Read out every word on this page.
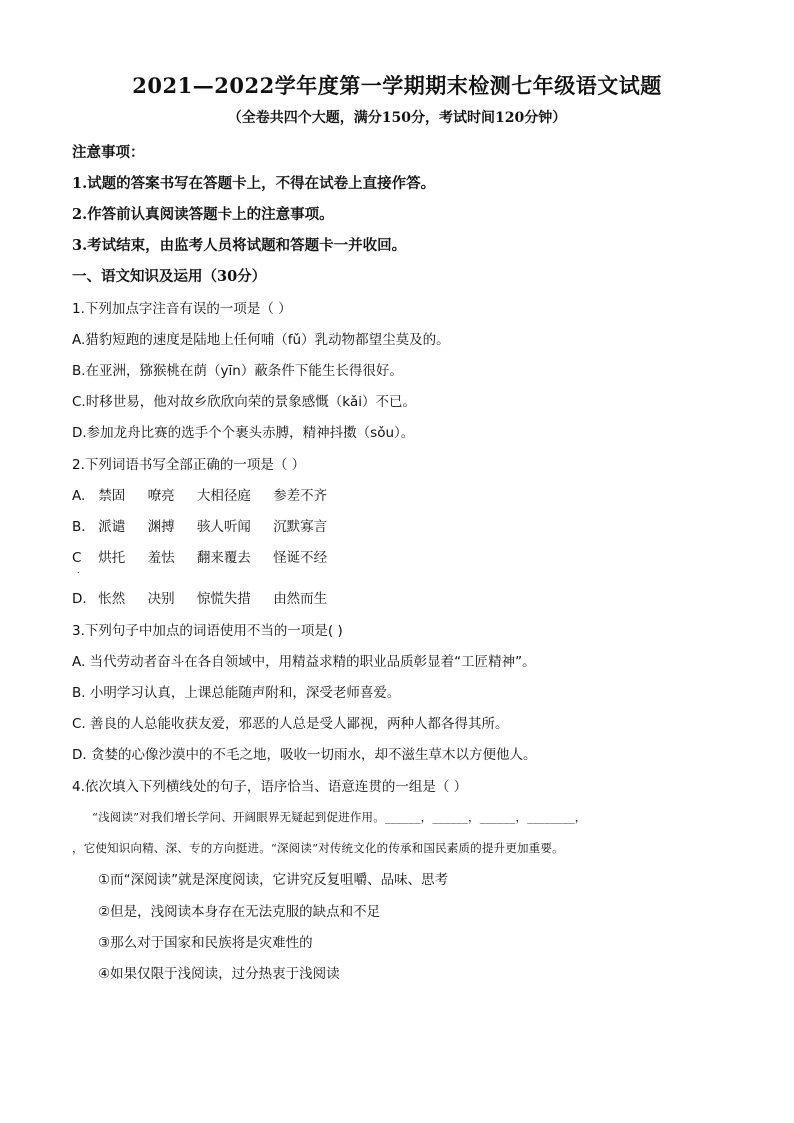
2021—2022学年度第一学期期末检测七年级语文试题
（全卷共四个大题，满分150分，考试时间120分钟）
注意事项：
1.试题的答案书写在答题卡上，不得在试卷上直接作答。
2.作答前认真阅读答题卡上的注意事项。
3.考试结束，由监考人员将试题和答题卡一并收回。
一、语文知识及运用（30分）
1.下列加点字注音有误的一项是（ ）
A.猎豹短跑的速度是陆地上任何哺（fǔ）乳动物都望尘莫及的。
B.在亚洲，猕猴桃在荫（yīn）蔽条件下能生长得很好。
C.时移世易，他对故乡欣欣向荣的景象感慨（kǎi）不已。
D.参加龙舟比赛的选手个个裹头赤膊，精神抖擞（sǒu）。
2.下列词语书写全部正确的一项是（ ）
A. 禁固 嘹亮 大相径庭 参差不齐
B. 派谴 渊搏 骇人听闻 沉默寡言
C 烘托 羞怯 翻来覆去 怪诞不经
.
D. 怅然 决别 惊慌失措 由然而生
3.下列句子中加点的词语使用不当的一项是( )
A. 当代劳动者奋斗在各自领域中，用精益求精的职业品质彰显着“工匠精神”。
B. 小明学习认真，上课总能随声附和，深受老师喜爱。
C. 善良的人总能收获友爱，邪恶的人总是受人鄙视，两种人都各得其所。
D. 贪婪的心像沙漠中的不毛之地，吸收一切雨水，却不滋生草木以方便他人。
4.依次填入下列横线处的句子，语序恰当、语意连贯的一组是（ ）
“浅阅读”对我们增长学问、开阔眼界无疑起到促进作用。______，______，______，________，
，它使知识向精、深、专的方向挺进。“深阅读”对传统文化的传承和国民素质的提升更加重要。
①而“深阅读”就是深度阅读，它讲究反复咀嚼、品味、思考
②但是，浅阅读本身存在无法克服的缺点和不足
③那么对于国家和民族将是灾难性的
④如果仅限于浅阅读，过分热衷于浅阅读
